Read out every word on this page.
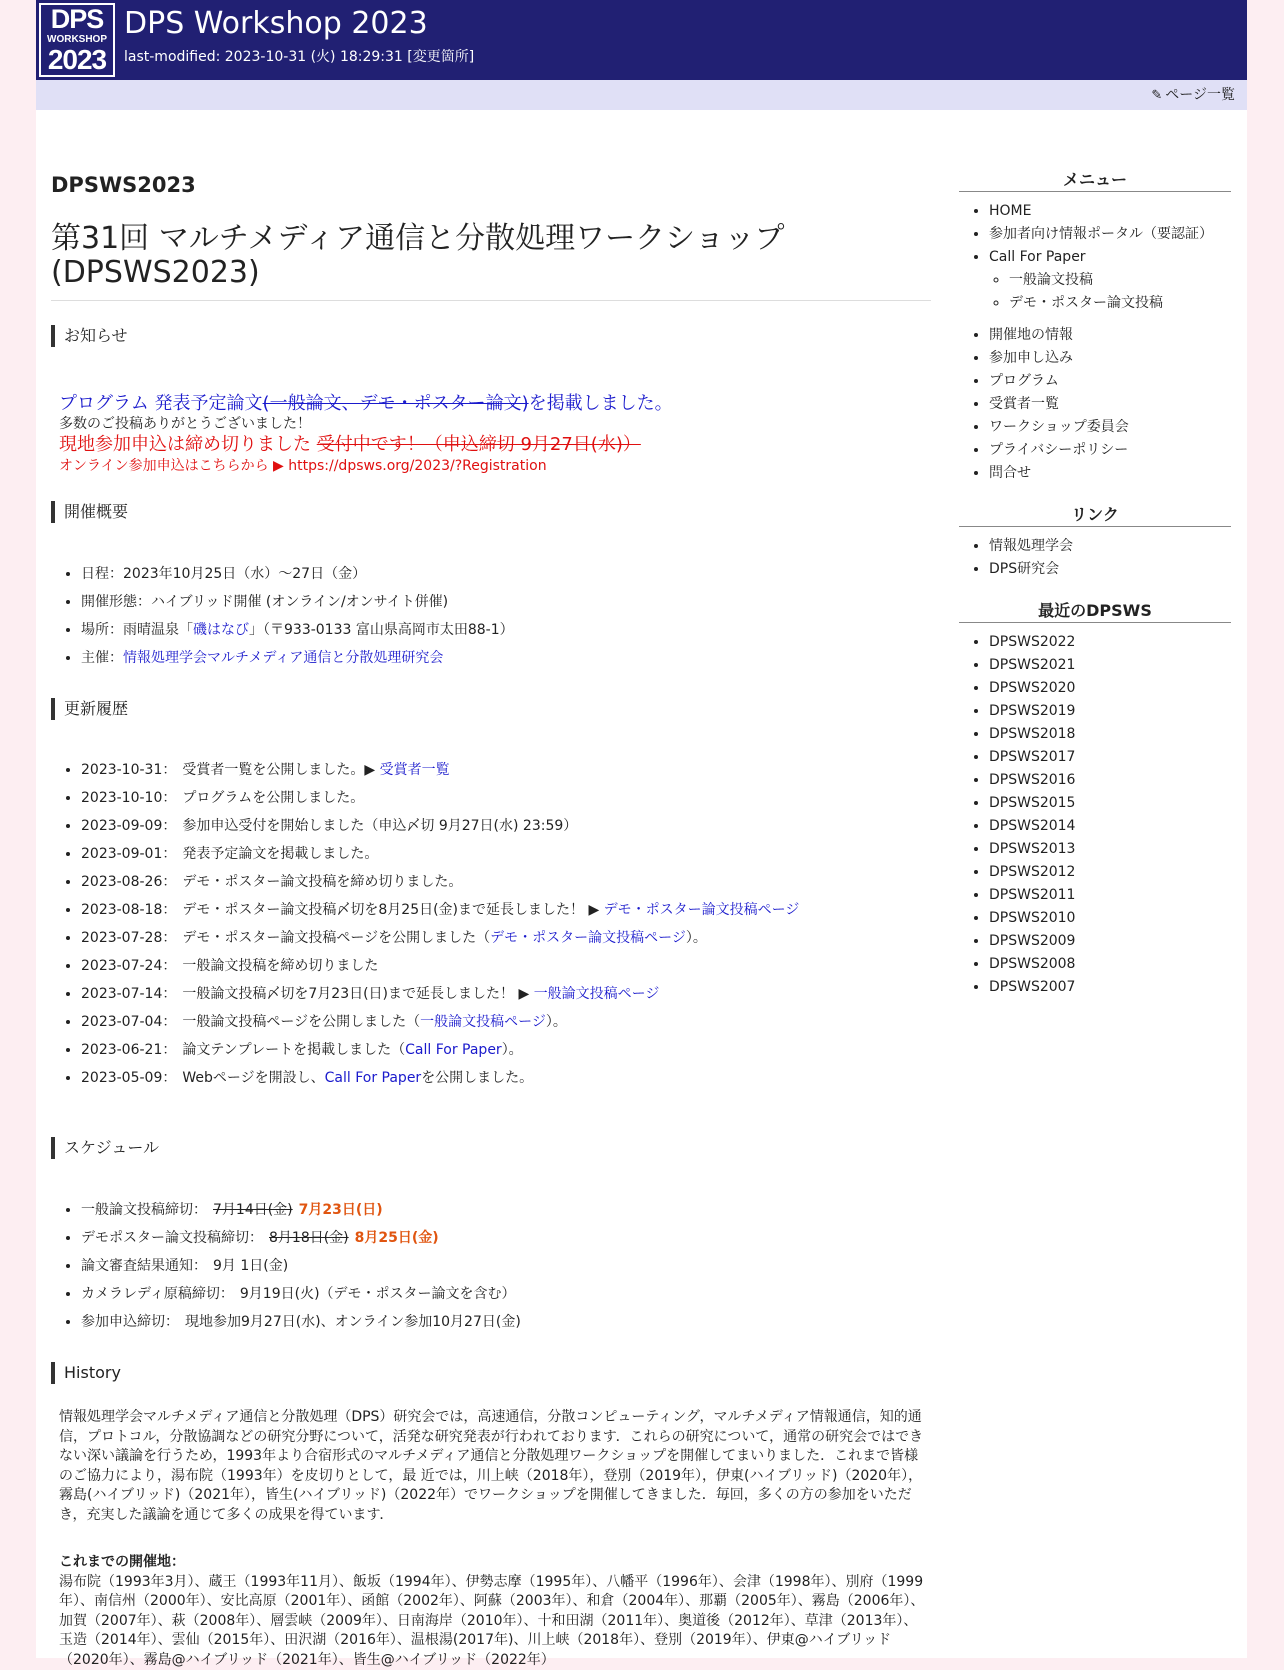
DPS
WORKSHOP
2023
DPS Workshop 2023
last-modified: 2023-10-31 (火) 18:29:31 [変更箇所]
✎ ページ一覧
DPSWS2023
第31回 マルチメディア通信と分散処理ワークショップ (DPSWS2023)
お知らせ
プログラム 発表予定論文(一般論文、デモ・ポスター論文)を掲載しました。
多数のご投稿ありがとうございました！
現地参加申込は締め切りました 受付中です！（申込締切 9月27日(水)）
オンライン参加申込はこちらから ▶ https://dpsws.org/2023/?Registration
開催概要
• 日程：2023年10月25日（水）～27日（金）
• 開催形態：ハイブリッド開催 (オンライン/オンサイト併催)
• 場所：雨晴温泉「磯はなび」（〒933-0133 富山県高岡市太田88-1）
• 主催：情報処理学会マルチメディア通信と分散処理研究会
更新履歴
• 2023-10-31： 受賞者一覧を公開しました。▶ 受賞者一覧
• 2023-10-10： プログラムを公開しました。
• 2023-09-09： 参加申込受付を開始しました（申込〆切 9月27日(水) 23:59）
• 2023-09-01： 発表予定論文を掲載しました。
• 2023-08-26： デモ・ポスター論文投稿を締め切りました。
• 2023-08-18： デモ・ポスター論文投稿〆切を8月25日(金)まで延長しました！ ▶ デモ・ポスター論文投稿ページ
• 2023-07-28： デモ・ポスター論文投稿ページを公開しました（デモ・ポスター論文投稿ページ）。
• 2023-07-24： 一般論文投稿を締め切りました
• 2023-07-14： 一般論文投稿〆切を7月23日(日)まで延長しました！ ▶ 一般論文投稿ページ
• 2023-07-04： 一般論文投稿ページを公開しました（一般論文投稿ページ）。
• 2023-06-21： 論文テンプレートを掲載しました（Call For Paper）。
• 2023-05-09： Webページを開設し、Call For Paperを公開しました。
スケジュール
• 一般論文投稿締切： 7月14日(金) 7月23日(日)
• デモポスター論文投稿締切： 8月18日(金) 8月25日(金)
• 論文審査結果通知： 9月 1日(金)
• カメラレディ原稿締切： 9月19日(火)（デモ・ポスター論文を含む）
• 参加申込締切： 現地参加9月27日(水)、オンライン参加10月27日(金)
History

情報処理学会マルチメディア通信と分散処理（DPS）研究会では，高速通信，分散コンピューティング，マルチメディア情報通信，知的通信，プロトコル，分散協調などの研究分野について，活発な研究発表が行われております．これらの研究について，通常の研究会ではできない深い議論を行うため，1993年より合宿形式のマルチメディア通信と分散処理ワークショップを開催してまいりました．これまで皆様のご協力により，湯布院（1993年）を皮切りとして，最 近では，川上峡（2018年），登別（2019年），伊東(ハイブリッド)（2020年），霧島(ハイブリッド)（2021年），皆生(ハイブリッド)（2022年）でワークショップを開催してきました．毎回，多くの方の参加をいただき，充実した議論を通じて多くの成果を得ています．

これまでの開催地：
湯布院（1993年3月）、蔵王（1993年11月）、飯坂（1994年）、伊勢志摩（1995年）、八幡平（1996年）、会津（1998年）、別府（1999年）、南信州（2000年）、安比高原（2001年）、函館（2002年）、阿蘇（2003年）、和倉（2004年）、那覇（2005年）、霧島（2006年）、加賀（2007年）、萩（2008年）、層雲峡（2009年）、日南海岸（2010年）、十和田湖（2011年）、奥道後（2012年）、草津（2013年）、玉造（2014年）、雲仙（2015年）、田沢湖（2016年）、温根湯(2017年)、川上峡（2018年）、登別（2019年）、伊東@ハイブリッド（2020年）、霧島@ハイブリッド（2021年）、皆生@ハイブリッド（2022年）

メニュー
• HOME
• 参加者向け情報ポータル（要認証）
• Call For Paper
◦ 一般論文投稿
◦ デモ・ポスター論文投稿
• 開催地の情報
• 参加申し込み
• プログラム
• 受賞者一覧
• ワークショップ委員会
• プライバシーポリシー
• 問合せ
リンク
• 情報処理学会
• DPS研究会
最近のDPSWS
• DPSWS2022
• DPSWS2021
• DPSWS2020
• DPSWS2019
• DPSWS2018
• DPSWS2017
• DPSWS2016
• DPSWS2015
• DPSWS2014
• DPSWS2013
• DPSWS2012
• DPSWS2011
• DPSWS2010
• DPSWS2009
• DPSWS2008
• DPSWS2007
